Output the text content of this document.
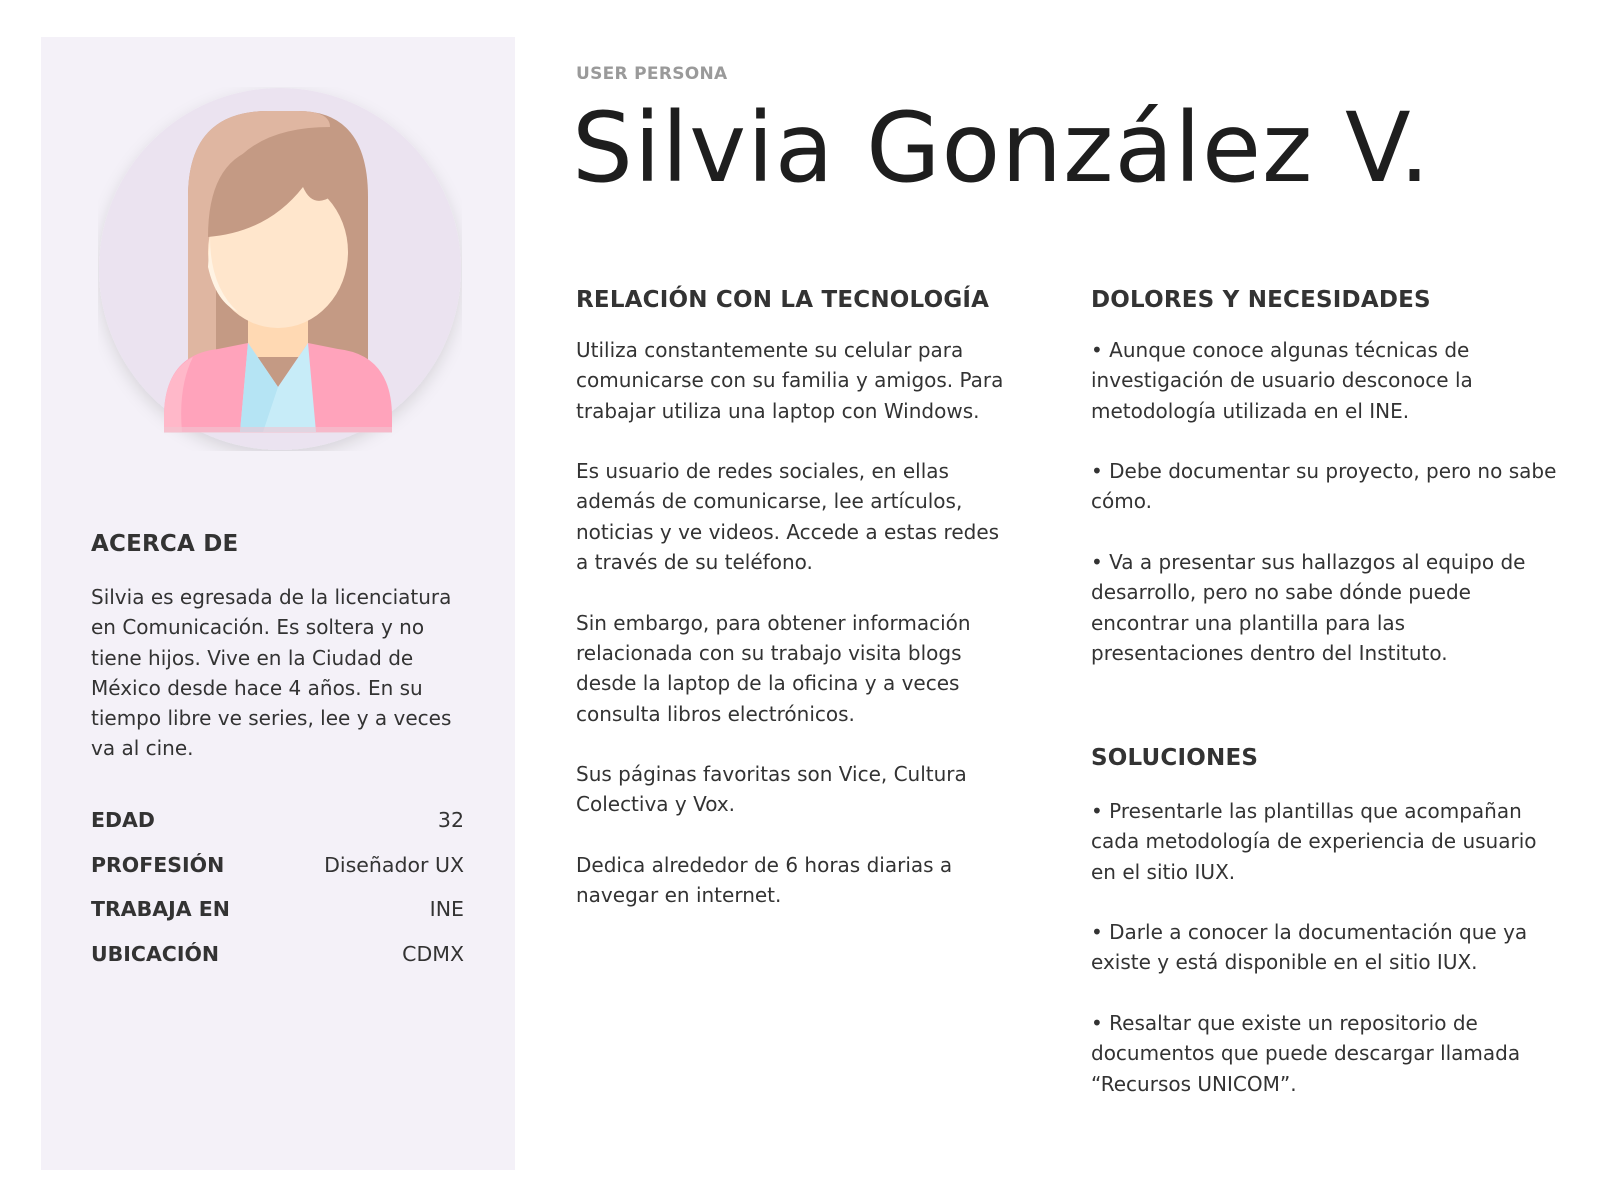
ACERCA DE

Silvia es egresada de la licenciatura en Comunicación. Es soltera y no tiene hijos. Vive en la Ciudad de México desde hace 4 años. En su tiempo libre ve series, lee y a veces va al cine.

EDAD	32
PROFESIÓN	Diseñador UX
TRABAJA EN	INE
UBICACIÓN	CDMX
USER PERSONA
Silvia González V.
RELACIÓN CON LA TECNOLOGÍA

Utiliza constantemente su celular para comunicarse con su familia y amigos. Para trabajar utiliza una laptop con Windows.

Es usuario de redes sociales, en ellas además de comunicarse, lee artículos, noticias y ve videos. Accede a estas redes a través de su teléfono.

Sin embargo, para obtener información relacionada con su trabajo visita blogs desde la laptop de la oficina y a veces consulta libros electrónicos.

Sus páginas favoritas son Vice, Cultura Colectiva y Vox.

Dedica alrededor de 6 horas diarias a navegar en internet.

DOLORES Y NECESIDADES

• Aunque conoce algunas técnicas de investigación de usuario desconoce la metodología utilizada en el INE.

• Debe documentar su proyecto, pero no sabe cómo.

• Va a presentar sus hallazgos al equipo de desarrollo, pero no sabe dónde puede encontrar una plantilla para las presentaciones dentro del Instituto.

SOLUCIONES

• Presentarle las plantillas que acompañan cada metodología de experiencia de usuario en el sitio IUX.

• Darle a conocer la documentación que ya existe y está disponible en el sitio IUX.

• Resaltar que existe un repositorio de documentos que puede descargar llamada “Recursos UNICOM”.
